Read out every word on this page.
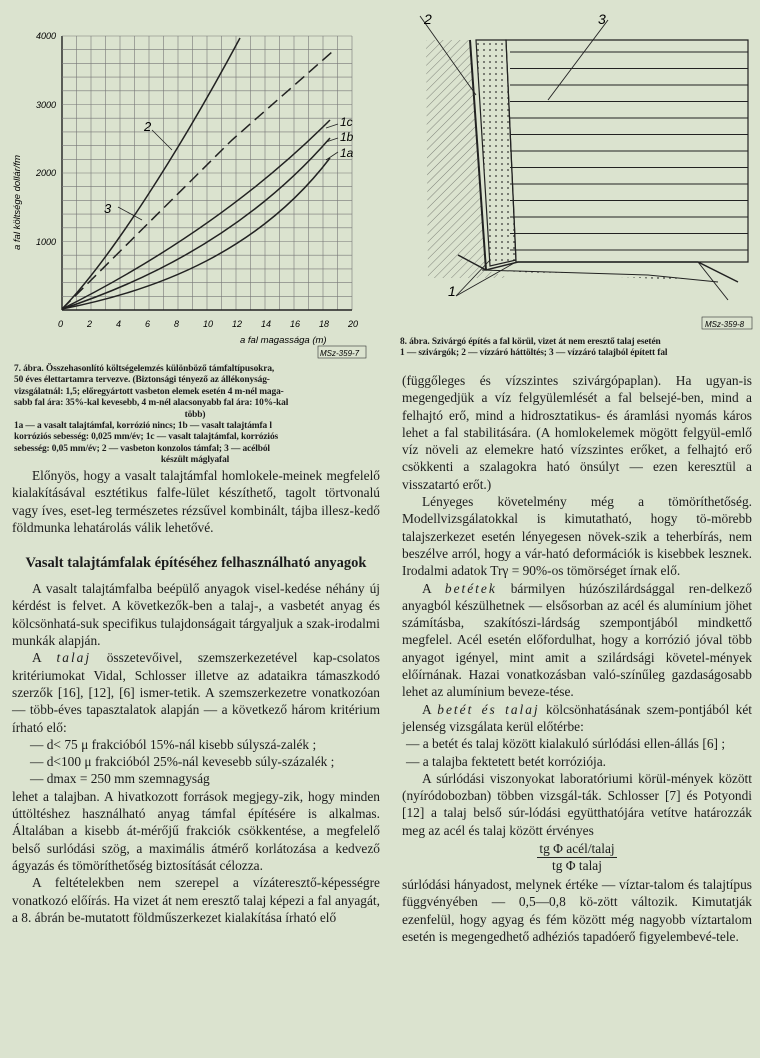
2
3
1c
1b
1a
4000
3000
2000
1000
0	2	4	6	8	10 12 14 16 18 20
a fal költsége dollár/fm
a fal magassága (m)
MSz-359-7

7. ábra. Összehasonlító költségelemzés különböző támfaltípusokra,

50 éves élettartamra tervezve. (Biztonsági tényező az állékonyság-

vizsgálatnál: 1,5; előregyártott vasbeton elemek esetén 4 m-nél maga-

sabb fal ára: 35%-kal kevesebb, 4 m-nél alacsonyabb fal ára: 10%-kal

több)

1a — a vasalt talajtámfal, korrózió nincs; 1b — vasalt talajtámfa l

korróziós sebesség: 0,025 mm/év; 1c — vasalt talajtámfal, korróziós

sebesség: 0,05 mm/év; 2 — vasbeton konzolos támfal; 3 — acélból

készült máglyafal

Előnyös, hogy a vasalt talajtámfal homlokele-meinek megfelelő kialakításával esztétikus falfe-lület készíthető, tagolt törtvonalú vagy íves, eset-leg természetes rézsűvel kombinált, tájba illesz-kedő földmunka lehatárolás válik lehetővé.

Vasalt talajtámfalak építéséhez felhasználható anyagok

A vasalt talajtámfalba beépülő anyagok visel-kedése néhány új kérdést is felvet. A következők-ben a talaj-, a vasbetét anyag és kölcsönhatá-suk specifikus tulajdonságait tárgyaljuk a szak-irodalmi munkák alapján.

A talaj összetevőivel, szemszerkezetével kap-csolatos kritériumokat Vidal, Schlosser illetve az adataikra támaszkodó szerzők [16], [12], [6] ismer-tetik. A szemszerkezetre vonatkozóan — több-éves tapasztalatok alapján — a következő három kritérium írható elő:

— d< 75 μ frakcióból 15%-nál kisebb súlyszá-zalék ;
— d<100 μ frakcióból 25%-nál kevesebb súly-százalék ;
— dmax = 250 mm szemnagyság

lehet a talajban. A hivatkozott források megjegy-zik, hogy minden úttöltéshez használható anyag támfal építésére is alkalmas. Általában a kisebb át-mérőjű frakciók csökkentése, a megfelelő belső surlódási szög, a maximális átmérő korlátozása a kedvező ágyazás és tömöríthetőség biztosítását célozza.

A feltételekben nem szerepel a vízáteresztő-képességre vonatkozó előírás. Ha vizet át nem eresztő talaj képezi a fal anyagát, a 8. ábrán be-mutatott földműszerkezet kialakítása írható elő

2	3
1
MSz-359-8

8. ábra. Szivárgó építés a fal körül, vizet át nem eresztő talaj esetén

1 — szivárgók; 2 — vízzáró háttöltés; 3 — vízzáró talajból épített fal

(függőleges és vízszintes szivárgópaplan). Ha ugyan-is megengedjük a víz felgyülemlését a fal belsejé-ben, mind a felhajtó erő, mind a hidrosztatikus- és áramlási nyomás káros lehet a fal stabilitására. (A homlokelemek mögött felgyül-emlő víz növeli az elemekre ható vízszintes erőket, a felhajtó erő csökkenti a szalagokra ható önsúlyt — ezen keresztül a visszatartó erőt.)

Lényeges követelmény még a tömöríthetőség. Modellvizsgálatokkal is kimutatható, hogy tö-mörebb talajszerkezet esetén lényegesen növek-szik a teherbírás, nem beszélve arról, hogy a vár-ható deformációk is kisebbek lesznek. Irodalmi adatok Trγ = 90%-os tömörséget írnak elő.

A betétek bármilyen húzószilárdsággal ren-delkező anyagból készülhetnek — elsősorban az acél és alumínium jöhet számításba, szakítószi-lárdság szempontjából mindkettő megfelel. Acél esetén előfordulhat, hogy a korrózió jóval több anyagot igényel, mint amit a szilárdsági követel-mények előírnának. Hazai vonatkozásban való-színűleg gazdaságosabb lehet az alumínium beveze-tése.

A betét és talaj kölcsönhatásának szem-pontjából két jelenség vizsgálata kerül előtérbe:

— a betét és talaj között kialakuló súrlódási ellen-állás [6] ;
— a talajba fektetett betét korróziója.

A súrlódási viszonyokat laboratóriumi körül-mények között (nyíródobozban) többen vizsgál-ták. Schlosser [7] és Potyondi [12] a talaj belső súr-lódási együtthatójára vetítve határozzák meg az acél és talaj között érvényes

tg Φ acél/talaj
tg Φ talaj

súrlódási hányadost, melynek értéke — víztar-talom és talajtípus függvényében — 0,5—0,8 kö-zött változik. Kimutatják ezenfelül, hogy agyag és fém között még nagyobb víztartalom esetén is megengedhető adhéziós tapadóerő figyelembevé-tele.
